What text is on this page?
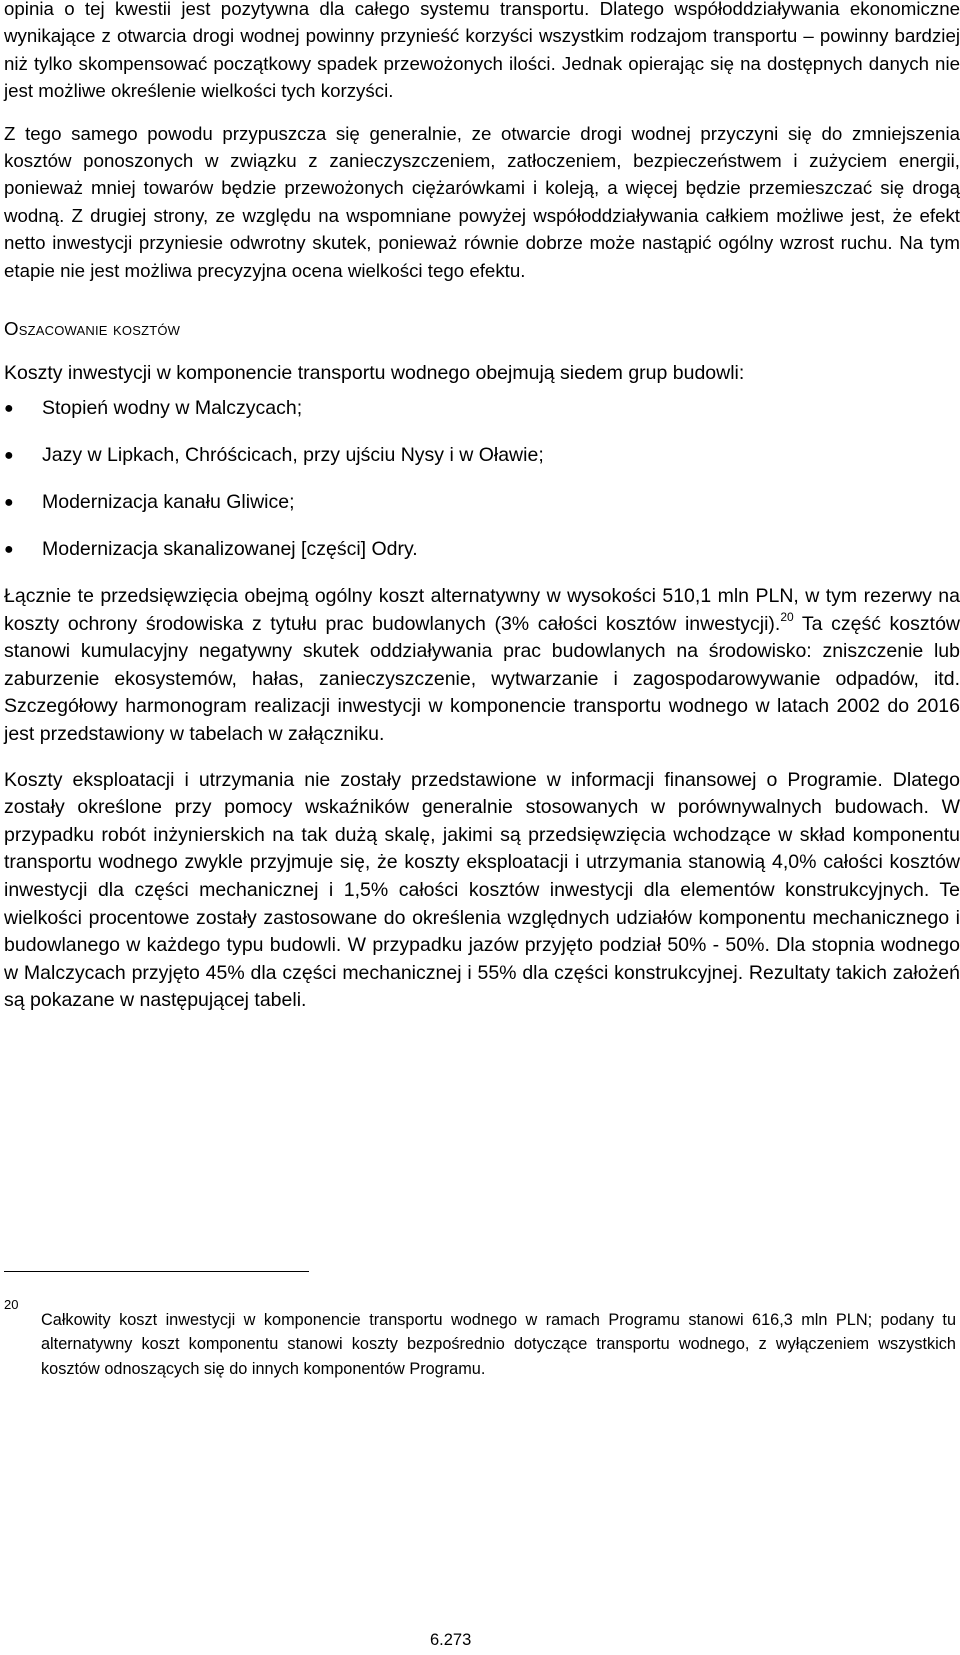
opinia o tej kwestii jest pozytywna dla całego systemu transportu. Dlatego współoddziaływania ekonomiczne wynikające z otwarcia drogi wodnej powinny przynieść korzyści wszystkim rodzajom transportu – powinny bardziej niż tylko skompensować początkowy spadek przewożonych ilości. Jednak opierając się na dostępnych danych nie jest możliwe określenie wielkości tych korzyści.

Z tego samego powodu przypuszcza się generalnie, ze otwarcie drogi wodnej przyczyni się do zmniejszenia kosztów ponoszonych w związku z zanieczyszczeniem, zatłoczeniem, bezpieczeństwem i zużyciem energii, ponieważ mniej towarów będzie przewożonych ciężarówkami i koleją, a więcej będzie przemieszczać się drogą wodną. Z drugiej strony, ze względu na wspomniane powyżej współoddziaływania całkiem możliwe jest, że efekt netto inwestycji przyniesie odwrotny skutek, ponieważ równie dobrze może nastąpić ogólny wzrost ruchu. Na tym etapie nie jest możliwa precyzyjna ocena wielkości tego efektu.

Oszacowanie kosztów

Koszty inwestycji w komponencie transportu wodnego obejmują siedem grup budowli:

● Stopień wodny w Malczycach;
● Jazy w Lipkach, Chróścicach, przy ujściu Nysy i w Oławie;
● Modernizacja kanału Gliwice;
● Modernizacja skanalizowanej [części] Odry.

Łącznie te przedsięwzięcia obejmą ogólny koszt alternatywny w wysokości 510,1 mln PLN, w tym rezerwy na koszty ochrony środowiska z tytułu prac budowlanych (3% całości kosztów inwestycji).$^{20}$ Ta część kosztów stanowi kumulacyjny negatywny skutek oddziaływania prac budowlanych na środowisko: zniszczenie lub zaburzenie ekosystemów, hałas, zanieczyszczenie, wytwarzanie i zagospodarowywanie odpadów, itd. Szczegółowy harmonogram realizacji inwestycji w komponencie transportu wodnego w latach 2002 do 2016 jest przedstawiony w tabelach w załączniku.

Koszty eksploatacji i utrzymania nie zostały przedstawione w informacji finansowej o Programie. Dlatego zostały określone przy pomocy wskaźników generalnie stosowanych w porównywalnych budowach. W przypadku robót inżynierskich na tak dużą skalę, jakimi są przedsięwzięcia wchodzące w skład komponentu transportu wodnego zwykle przyjmuje się, że koszty eksploatacji i utrzymania stanowią 4,0% całości kosztów inwestycji dla części mechanicznej i 1,5% całości kosztów inwestycji dla elementów konstrukcyjnych. Te wielkości procentowe zostały zastosowane do określenia względnych udziałów komponentu mechanicznego i budowlanego w każdego typu budowli. W przypadku jazów przyjęto podział 50% - 50%. Dla stopnia wodnego w Malczycach przyjęto 45% dla części mechanicznej i 55% dla części konstrukcyjnej. Rezultaty takich założeń są pokazane w następującej tabeli.

20

Całkowity koszt inwestycji w komponencie transportu wodnego w ramach Programu stanowi 616,3 mln PLN; podany tu alternatywny koszt komponentu stanowi koszty bezpośrednio dotyczące transportu wodnego, z wyłączeniem wszystkich kosztów odnoszących się do innych komponentów Programu.

6.273
